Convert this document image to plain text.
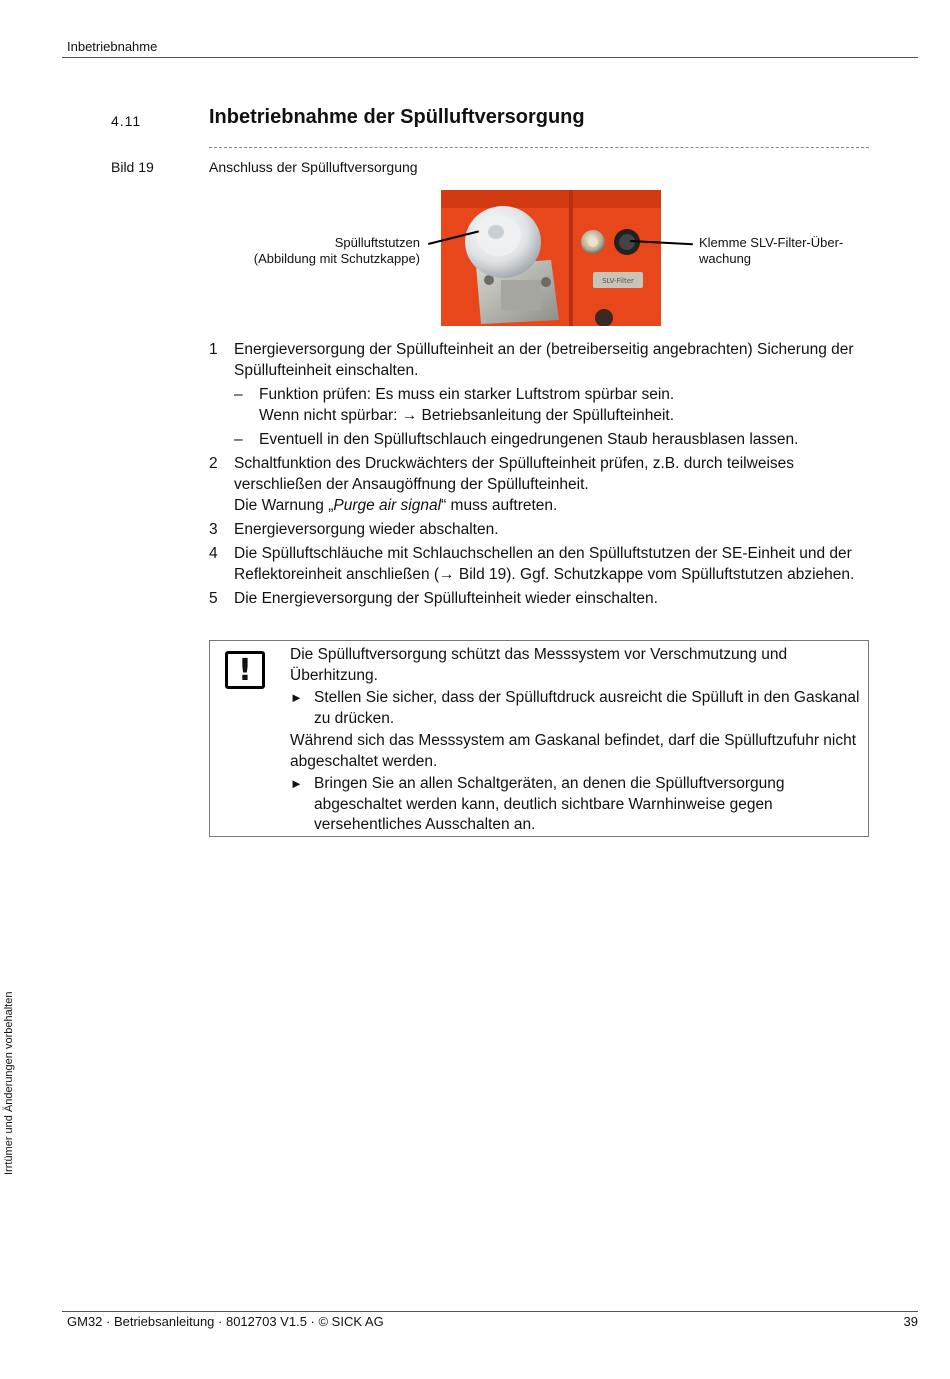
Inbetriebnahme
4.11	Inbetriebnahme der Spülluftversorgung
Bild 19	Anschluss der Spülluftversorgung
SLV-Filter
Spülluftstutzen
(Abbildung mit Schutzkappe)
Klemme SLV-Filter-Über-
wachung
1	Energieversorgung der Spüllufteinheit an der (betreiberseitig angebrachten) Sicherung der Spüllufteinheit einschalten.
–	Funktion prüfen: Es muss ein starker Luftstrom spürbar sein.
Wenn nicht spürbar: → Betriebsanleitung der Spüllufteinheit.
–	Eventuell in den Spülluftschlauch eingedrungenen Staub herausblasen lassen.
2	Schaltfunktion des Druckwächters der Spüllufteinheit prüfen, z.B. durch teilweises verschließen der Ansaugöffnung der Spüllufteinheit.
Die Warnung „Purge air signal“ muss auftreten.
3	Energieversorgung wieder abschalten.
4	Die Spülluftschläuche mit Schlauchschellen an den Spülluftstutzen der SE-Einheit und der Reflektoreinheit anschließen (→ Bild 19). Ggf. Schutzkappe vom Spülluftstutzen abziehen.
5	Die Energieversorgung der Spüllufteinheit wieder einschalten.
!	Die Spülluftversorgung schützt das Messsystem vor Verschmutzung und Überhitzung.

► Stellen Sie sicher, dass der Spülluftdruck ausreicht die Spülluft in den Gaskanal zu drücken.

Während sich das Messsystem am Gaskanal befindet, darf die Spülluftzufuhr nicht abgeschaltet werden.

► Bringen Sie an allen Schaltgeräten, an denen die Spülluftversorgung abgeschaltet werden kann, deutlich sichtbare Warnhinweise gegen versehentliches Ausschalten an.
Irrtümer und Änderungen vorbehalten
GM32 · Betriebsanleitung · 8012703 V1.5 · © SICK AG	39
